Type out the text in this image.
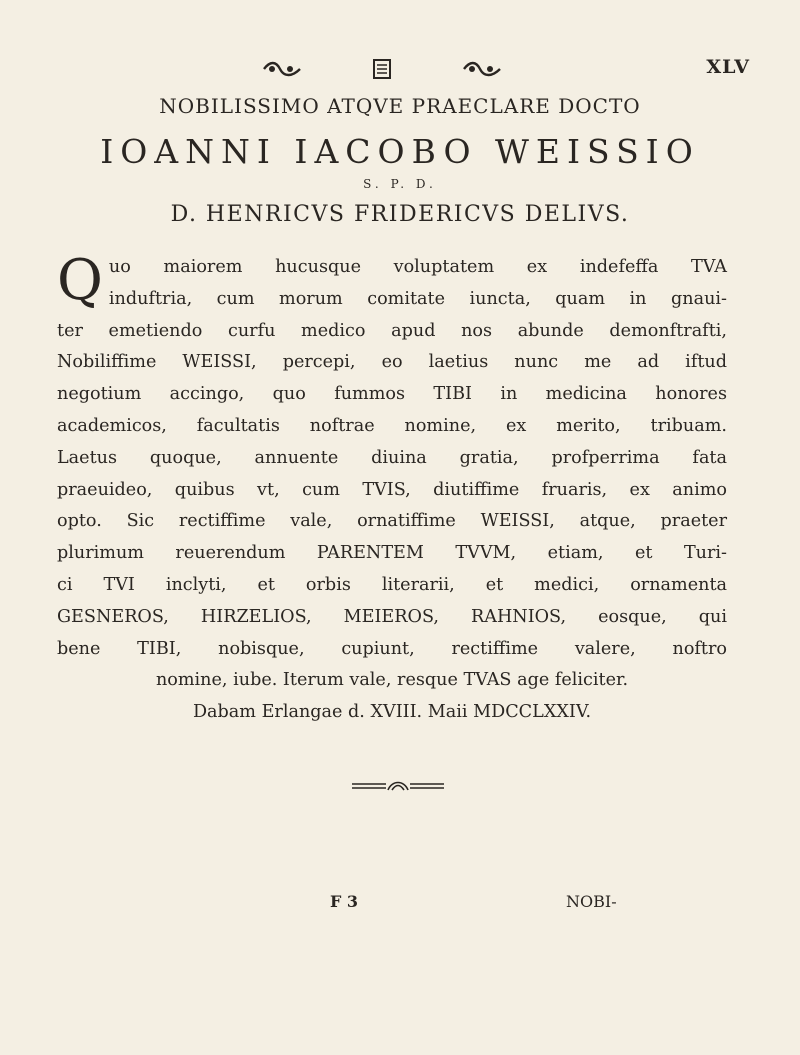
XLV
NOBILISSIMO ATQVE PRAECLARE DOCTO
IOANNI IACOBO WEISSIO
S. P. D.
D. HENRICVS FRIDERICVS DELIVS.
Q uo maiorem hucusque voluptatem ex indefeffa TVA
induftria, cum morum comitate iuncta, quam in gnaui-
ter emetiendo curfu medico apud nos abunde demonftrafti,
Nobiliffime WEISSI, percepi, eo laetius nunc me ad iftud
negotium accingo, quo fummos TIBI in medicina honores
academicos, facultatis noftrae nomine, ex merito, tribuam.
Laetus quoque, annuente diuina gratia, profperrima fata
praeuideo, quibus vt, cum TVIS, diutiffime fruaris, ex animo
opto. Sic rectiffime vale, ornatiffime WEISSI, atque, praeter
plurimum reuerendum PARENTEM TVVM, etiam, et Turi-
ci TVI inclyti, et orbis literarii, et medici, ornamenta
GESNEROS, HIRZELIOS, MEIEROS, RAHNIOS, eosque, qui
bene TIBI, nobisque, cupiunt, rectiffime valere, noftro
nomine, iube. Iterum vale, resque TVAS age feliciter.
Dabam Erlangae d. XVIII. Maii MDCCLXXIV.
F 3	NOBI-
